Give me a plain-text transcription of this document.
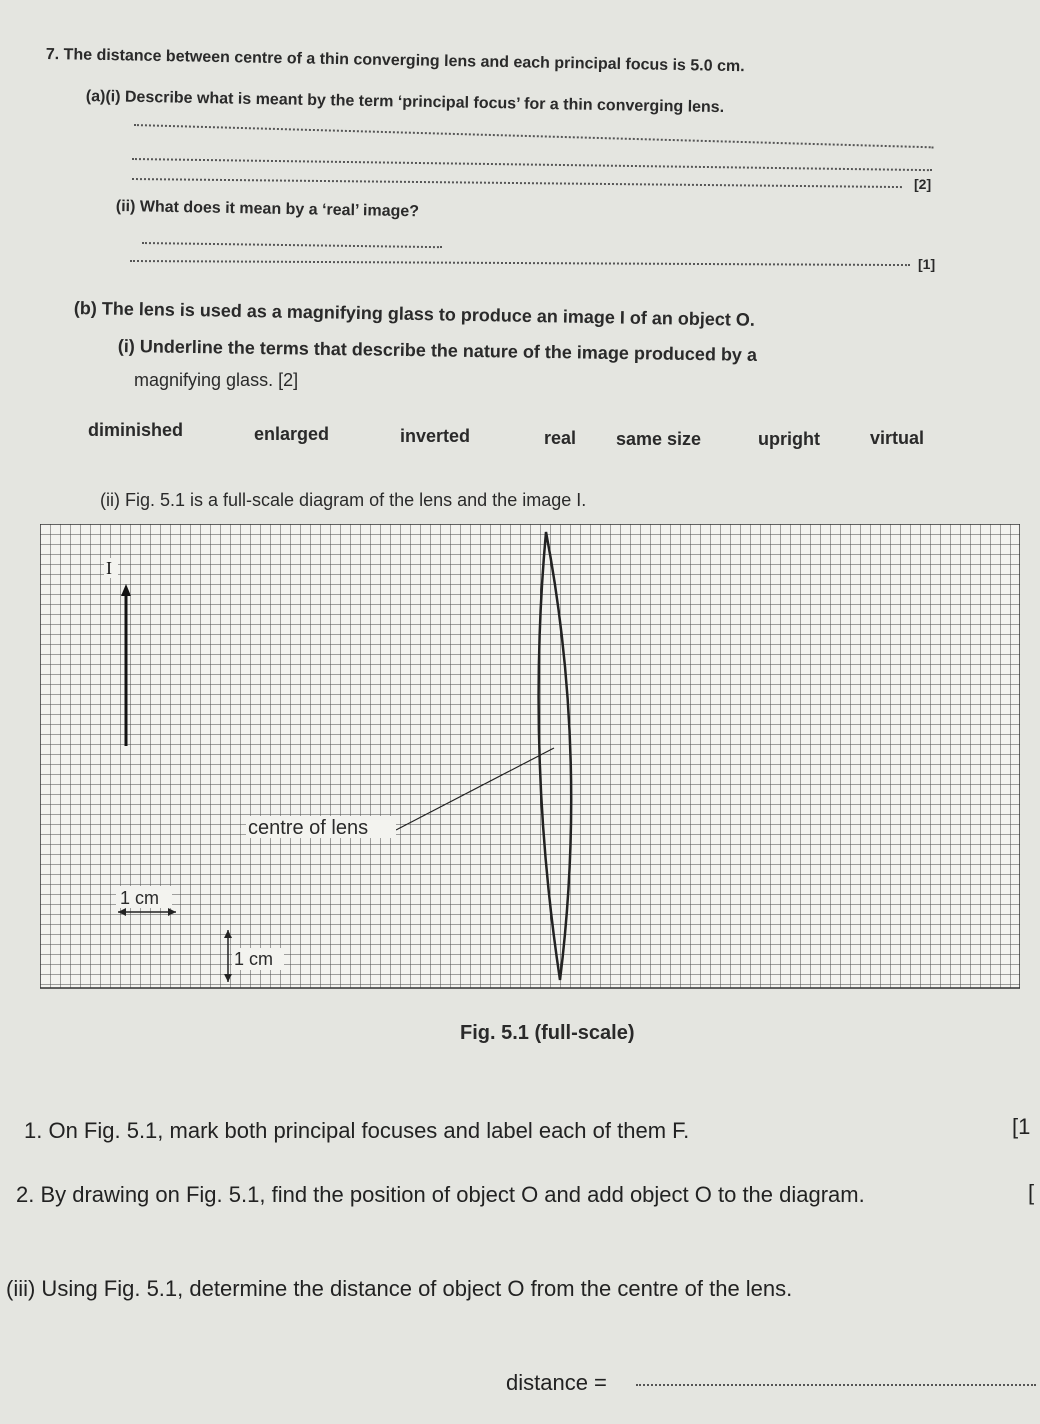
7. The distance between centre of a thin converging lens and each principal focus is 5.0 cm.
(a)(i) Describe what is meant by the term ‘principal focus’ for a thin converging lens.
[2]
(ii) What does it mean by a ‘real’ image?
[1]
(b) The lens is used as a magnifying glass to produce an image I of an object O.
(i) Underline the terms that describe the nature of the image produced by a
magnifying glass. [2]
diminished	enlarged	inverted	real same size	upright	virtual
(ii) Fig. 5.1 is a full-scale diagram of the lens and the image I.
I
centre of lens
1 cm
1 cm
Fig. 5.1 (full-scale)
1. On Fig. 5.1, mark both principal focuses and label each of them F.	[1
2. By drawing on Fig. 5.1, find the position of object O and add object O to the diagram.	[
(iii) Using Fig. 5.1, determine the distance of object O from the centre of the lens.
distance =
